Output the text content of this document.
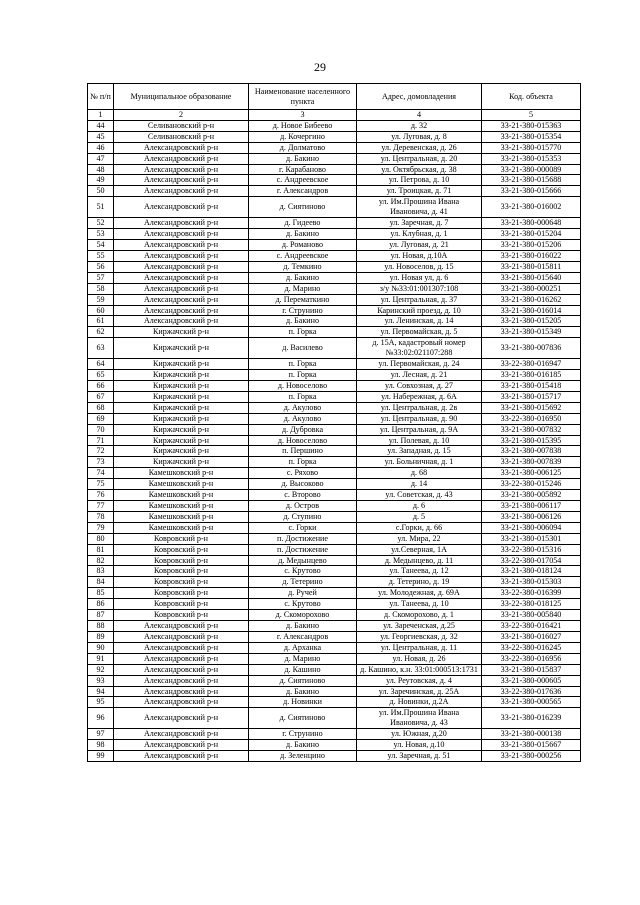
29
№ п/п	Муниципальное образование	Наименование населенного пункта	Адрес, домовладения	Код. объекта
1	2	3	4	5
44	Селивановский р-н	д. Новое Бибеево	д. 32	33-21-380-015363
45	Селивановский р-н	д. Кочергино	ул. Луговая, д. 8	33-21-380-015354
46	Александровский р-н	д. Долматово	ул. Деревенская, д. 26	33-21-380-015770
47	Александровский р-н	д. Бакино	ул. Центральная, д. 20	33-21-380-015353
48	Александровский р-н	г. Карабаново	ул. Октябрьская, д. 38	33-21-380-000089
49	Александровский р-н	с. Андреевское	ул. Петрова, д. 10	33-21-380-015688
50	Александровский р-н	г. Александров	ул. Троицкая, д. 71	33-21-380-015666
51	Александровский р-н	д. Сиятиново	ул. Им.Прошина Ивана Ивановича, д. 41	33-21-380-016002
52	Александровский р-н	д. Гидеево	ул. Заречная, д. 7	33-21-380-000648
53	Александровский р-н	д. Бакино	ул. Клубная, д. 1	33-21-380-015204
54	Александровский р-н	д. Романово	ул. Луговая, д. 21	33-21-380-015206
55	Александровский р-н	с. Андреевское	ул. Новая, д.10А	33-21-380-016022
56	Александровский р-н	д. Темкино	ул. Новоселов, д. 15	33-21-380-015811
57	Александровский р-н	д. Бакино	ул. Новая ул, д. 6	33-21-380-015640
58	Александровский р-н	д. Марино	з/у №33:01:001307:108	33-21-380-000251
59	Александровский р-н	д. Перематкино	ул. Центральная, д. 37	33-21-380-016262
60	Александровский р-н	г. Струнино	Каринский проезд, д. 10	33-21-380-016014
61	Александровский р-н	д. Бакино	ул. Ленинская, д. 14	33-21-380-015205
62	Киржачский р-н	п. Горка	ул. Первомайская, д. 5	33-21-380-015349
63	Киржачский р-н	д. Василево	д. 15А, кадастровый номер №33:02:021107:288	33-21-380-007836
64	Киржачский р-н	п. Горка	ул. Первомайская, д. 24	33-22-380-016947
65	Киржачский р-н	п. Горка	ул. Лесная, д. 21	33-21-380-016185
66	Киржачский р-н	д. Новоселово	ул. Совхозная, д. 27	33-21-380-015418
67	Киржачский р-н	п. Горка	ул. Набережная, д. 6А	33-21-380-015717
68	Киржачский р-н	д. Акулово	ул. Центральная, д. 2в	33-21-380-015692
69	Киржачский р-н	д. Акулово	ул. Центральная, д. 90	33-22-380-016950
70	Киржачский р-н	д. Дубровка	ул. Центральная, д. 9А	33-21-380-007832
71	Киржачский р-н	д. Новоселово	ул. Полевая, д. 10	33-21-380-015395
72	Киржачский р-н	п. Першино	ул. Западная, д. 15	33-21-380-007838
73	Киржачский р-н	п. Горка	ул. Больничная, д. 1	33-21-380-007839
74	Камешковский р-н	с. Ряхово	д. 68	33-21-380-006125
75	Камешковский р-н	д. Высоково	д. 14	33-22-380-015246
76	Камешковский р-н	с. Второво	ул. Советская, д. 43	33-21-380-005892
77	Камешковский р-н	д. Остров	д. 6	33-21-380-006117
78	Камешковский р-н	д. Ступино	д. 5	33-21-380-006126
79	Камешковский р-н	с. Горки	с.Горки, д. 66	33-21-380-006094
80	Ковровский р-н	п. Достижение	ул. Мира, 22	33-21-380-015301
81	Ковровский р-н	п. Достижение	ул.Северная, 1А	33-22-380-015316
82	Ковровский р-н	д. Медынцево	д. Медынцево, д. 11	33-22-380-017054
83	Ковровский р-н	с. Крутово	ул. Танеева, д. 12	33-21-380-018124
84	Ковровский р-н	д. Тетерино	д. Тетерино, д. 19	33-21-380-015303
85	Ковровский р-н	д. Ручей	ул. Молодежная, д. 69А	33-22-380-016399
86	Ковровский р-н	с. Крутово	ул. Танеева, д. 10	33-22-380-018125
87	Ковровский р-н	д. Скоморохово	д. Скоморохово, д. 1	33-21-380-005840
88	Александровский р-н	д. Бакино	ул. Зареченская, д.25	33-22-380-016421
89	Александровский р-н	г. Александров	ул. Георгиевская, д. 32	33-21-380-016027
90	Александровский р-н	д. Арханка	ул. Центральная, д. 11	33-22-380-016245
91	Александровский р-н	д. Марино	ул. Новая, д. 26	33-22-380-016956
92	Александровский р-н	д. Кашино	д. Кашино, к.н. 33:01:000513:1731	33-21-380-015837
93	Александровский р-н	д. Сиятиново	ул. Реутовская, д. 4	33-21-380-000605
94	Александровский р-н	д. Бакино	ул. Заречинская, д. 25А	33-22-380-017636
95	Александровский р-н	д. Новинки	д. Новинки, д.2А	33-21-380-000565
96	Александровский р-н	д. Сиятиново	ул. Им.Прошина Ивана Ивановича, д. 43	33-21-380-016239
97	Александровский р-н	г. Струнино	ул. Южная, д.20	33-21-380-000138
98	Александровский р-н	д. Бакино	ул. Новая, д.10	33-21-380-015667
99	Александровский р-н	д. Зеленцино	ул. Заречная, д. 51	33-21-380-000256
